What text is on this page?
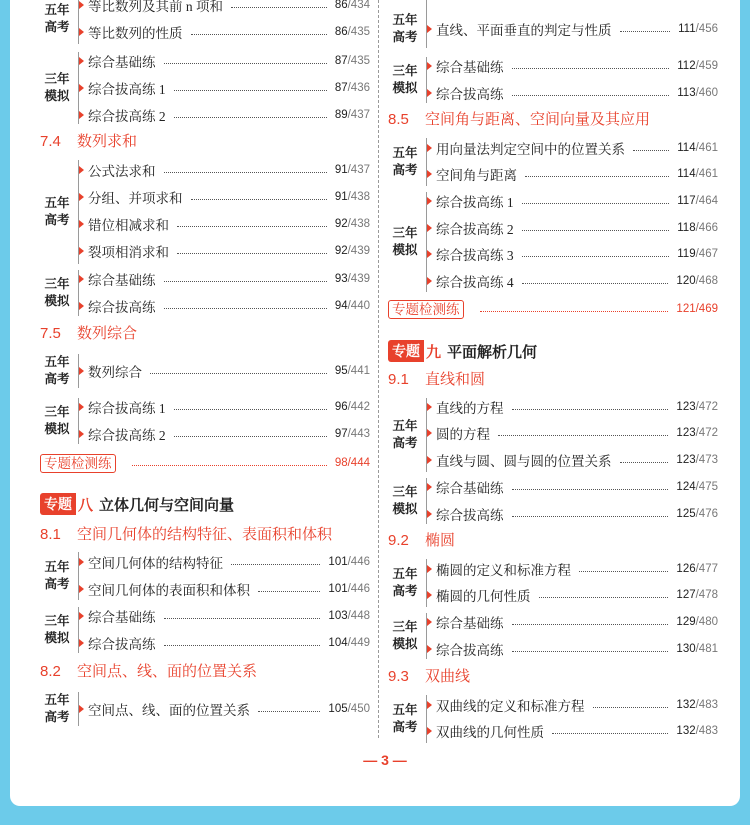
五年
高考
等比数列及其前 n 项和	86/434
等比数列的性质	86/435
三年
模拟
综合基础练	87/435
综合拔高练 1	87/436
综合拔高练 2	89/437
7.4 数列求和
五年
高考
公式法求和	91/437
分组、并项求和	91/438
错位相减求和	92/438
裂项相消求和	92/439
三年
模拟
综合基础练	93/439
综合拔高练	94/440
7.5 数列综合
五年
高考 数列综合	95/441
三年
模拟
综合拔高练 1	96/442
综合拔高练 2	97/443
专题检测练	98/444
专题 八 立体几何与空间向量
8.1 空间几何体的结构特征、表面积和体积
五年
高考
空间几何体的结构特征	101/446
空间几何体的表面积和体积	101/446
三年
模拟
综合基础练	103/448
综合拔高练	104/449
8.2 空间点、线、面的位置关系
五年
高考 空间点、线、面的位置关系	105/450
五年
高考 直线、平面垂直的判定与性质	111/456
三年
模拟
综合基础练	112/459
综合拔高练	113/460
8.5 空间角与距离、空间向量及其应用
五年
高考
用向量法判定空间中的位置关系	114/461
空间角与距离	114/461
三年
模拟
综合拔高练 1	117/464
综合拔高练 2	118/466
综合拔高练 3	119/467
综合拔高练 4	120/468
专题检测练	121/469
专题 九 平面解析几何
9.1 直线和圆
五年
高考
直线的方程	123/472
圆的方程	123/472
直线与圆、圆与圆的位置关系	123/473
三年
模拟
综合基础练	124/475
综合拔高练	125/476
9.2 椭圆
五年
高考
椭圆的定义和标准方程	126/477
椭圆的几何性质	127/478
三年
模拟
综合基础练	129/480
综合拔高练	130/481
9.3 双曲线
五年
高考
双曲线的定义和标准方程	132/483
双曲线的几何性质	132/483
— 3 —
